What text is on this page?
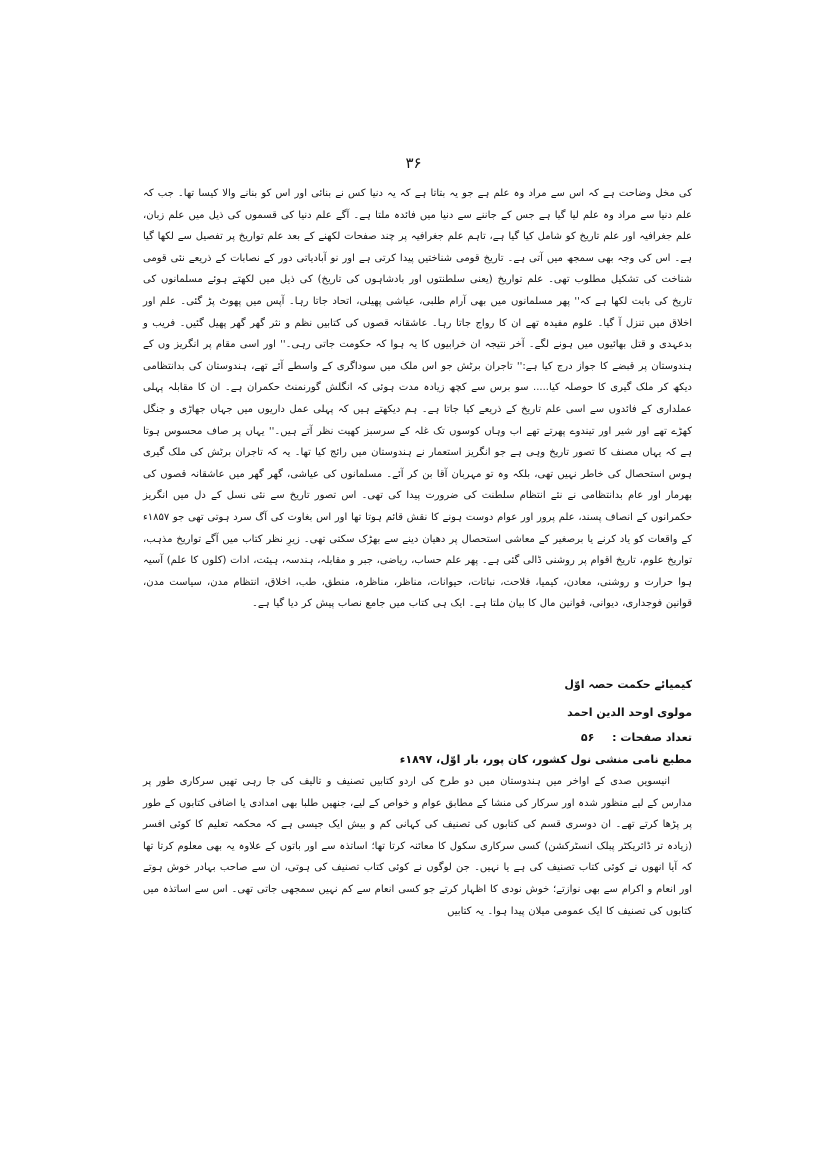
۳۶

کی مخل وضاحت ہے کہ اس سے مراد وہ علم ہے جو یہ بتاتا ہے کہ یہ دنیا کس نے بنائی اور اس کو بنانے والا کیسا تھا۔ جب کہ علم دنیا سے مراد وہ علم لیا گیا ہے جس کے جاننے سے دنیا میں فائدہ ملتا ہے۔ آگے علم دنیا کی قسموں کی ذیل میں علم زبان، علم جغرافیہ اور علم تاریخ کو شامل کیا گیا ہے، تاہم علم جغرافیہ پر چند صفحات لکھنے کے بعد علم تواریخ پر تفصیل سے لکھا گیا ہے۔ اس کی وجہ بھی سمجھ میں آتی ہے۔ تاریخ قومی شناختیں پیدا کرتی ہے اور نو آبادیاتی دور کے نصابات کے ذریعے نئی قومی شناخت کی تشکیل مطلوب تھی۔ علم تواریخ (یعنی سلطنتوں اور بادشاہوں کی تاریخ) کی ذیل میں لکھتے ہوئے مسلمانوں کی تاریخ کی بابت لکھا ہے کہ'' پھر مسلمانوں میں بھی آرام طلبی، عیاشی پھیلی، اتحاد جاتا رہا۔ آپس میں پھوٹ پڑ گئی۔ علم اور اخلاق میں تنزل آ گیا۔ علوم مفیدہ تھے ان کا رواج جاتا رہا۔ عاشقانہ قصوں کی کتابیں نظم و نثر گھر گھر پھیل گئیں۔ فریب و بدعہدی و قتل بھائیوں میں ہونے لگے۔ آخر نتیجہ ان خرابیوں کا یہ ہوا کہ حکومت جاتی رہی۔'' اور اسی مقام پر انگریز وں کے ہندوستان پر قبضے کا جواز درج کیا ہے:'' تاجران برٹش جو اس ملک میں سوداگری کے واسطے آئے تھے، ہندوستان کی بدانتظامی دیکھ کر ملک گیری کا حوصلہ کیا..... سو برس سے کچھ زیادہ مدت ہوئی کہ انگلش گورنمنٹ حکمران ہے۔ ان کا مقابلہ پہلی عملداری کے فائدوں سے اسی علم تاریخ کے ذریعے کیا جاتا ہے۔ ہم دیکھتے ہیں کہ پہلی عمل داریوں میں جہاں جھاڑی و جنگل کھڑے تھے اور شیر اور تیندوے پھرتے تھے اب وہاں کوسوں تک غلہ کے سرسبز کھیت نظر آتے ہیں۔'' یہاں پر صاف محسوس ہوتا ہے کہ یہاں مصنف کا تصور تاریخ وہی ہے جو انگریز استعمار نے ہندوستان میں رائج کیا تھا۔ یہ کہ تاجران برٹش کی ملک گیری ہوس استحصال کی خاطر نہیں تھی، بلکہ وہ تو مہربان آقا بن کر آئے۔ مسلمانوں کی عیاشی، گھر گھر میں عاشقانہ قصوں کی بھرمار اور عام بدانتظامی نے نئے انتظام سلطنت کی ضرورت پیدا کی تھی۔ اس تصور تاریخ سے نئی نسل کے دل میں انگریز حکمرانوں کے انصاف پسند، علم پرور اور عوام دوست ہونے کا نقش قائم ہوتا تھا اور اس بغاوت کی آگ سرد ہوتی تھی جو ۱۸۵۷ء کے واقعات کو یاد کرنے یا برصغیر کے معاشی استحصال پر دھیان دینے سے بھڑک سکتی تھی۔ زیرِ نظر کتاب میں آگے تواریخ مذہب، تواریخ علوم، تاریخ اقوام پر روشنی ڈالی گئی ہے۔ پھر علم حساب، ریاضی، جبر و مقابلہ، ہندسہ، ہیئت، ادات (کلوں کا علم) آسیہ ہوا حرارت و روشنی، معادن، کیمیا، فلاحت، نباتات، حیوانات، مناظر، مناظرہ، منطق، طب، اخلاق، انتظام مدن، سیاست مدن، قوانین فوجداری، دیوانی، قوانین مال کا بیان ملتا ہے۔ ایک ہی کتاب میں جامع نصاب پیش کر دیا گیا ہے۔

کیمیائے حکمت حصہ اوّل
مولوی اوحد الدین احمد
تعداد صفحات : ۵۶
مطبع نامی منشی نول کشور، کان پور، بار اوّل، ۱۸۹۷ء

انیسویں صدی کے اواخر میں ہندوستان میں دو طرح کی اردو کتابیں تصنیف و تالیف کی جا رہی تھیں سرکاری طور پر مدارس کے لیے منظور شدہ اور سرکار کی منشا کے مطابق عوام و خواص کے لیے، جنھیں طلبا بھی امدادی یا اضافی کتابوں کے طور پر پڑھا کرتے تھے۔ ان دوسری قسم کی کتابوں کی تصنیف کی کہانی کم و بیش ایک جیسی ہے کہ محکمہ تعلیم کا کوئی افسر (زیادہ تر ڈائریکٹر پبلک انسٹرکشن) کسی سرکاری سکول کا معائنہ کرتا تھا؛ اساتذہ سے اور باتوں کے علاوہ یہ بھی معلوم کرتا تھا کہ آیا انھوں نے کوئی کتاب تصنیف کی ہے یا نہیں۔ جن لوگوں نے کوئی کتاب تصنیف کی ہوتی، ان سے صاحب بہادر خوش ہوتے اور انعام و اکرام سے بھی نوازتے؛ خوش نودی کا اظہار کرتے جو کسی انعام سے کم نہیں سمجھی جاتی تھی۔ اس سے اساتذہ میں کتابوں کی تصنیف کا ایک عمومی میلان پیدا ہوا۔ یہ کتابیں
